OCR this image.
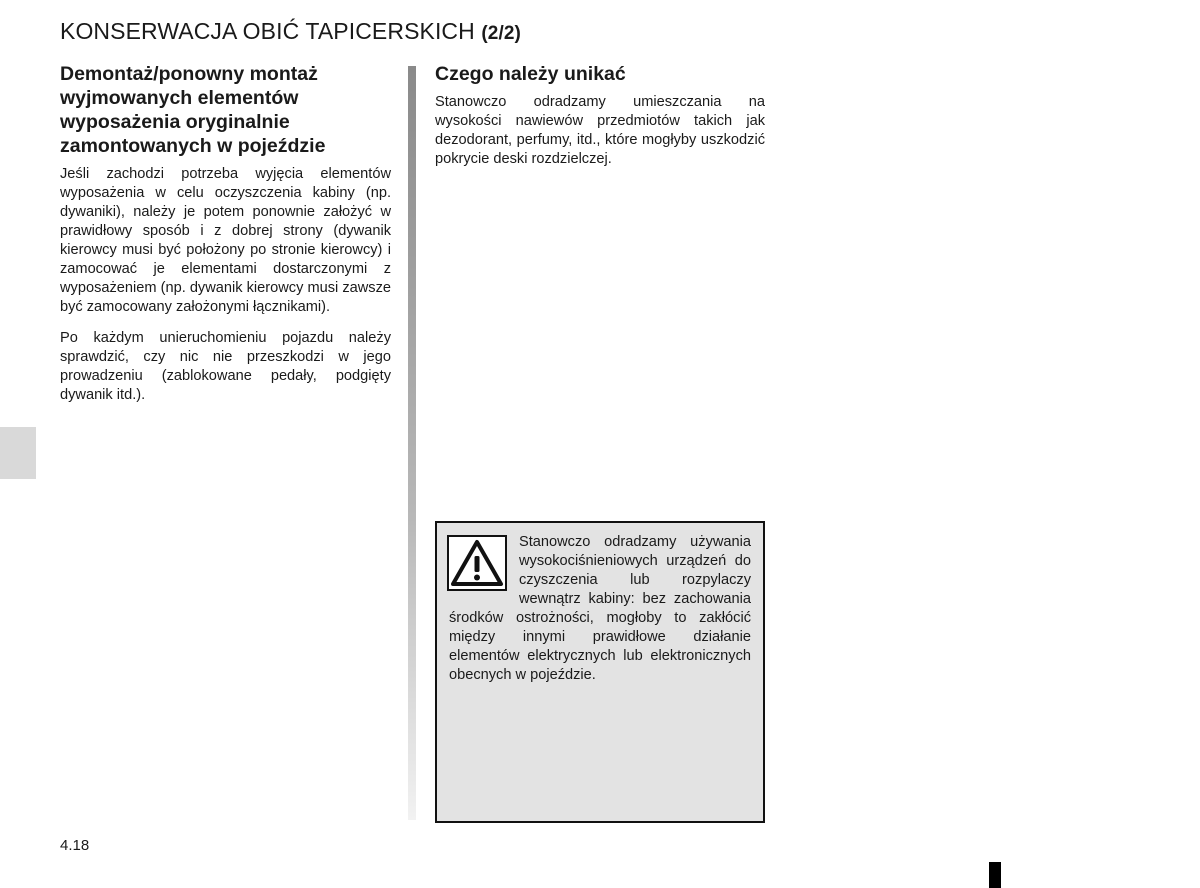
KONSERWACJA OBIĆ TAPICERSKICH (2/2)
Demontaż/ponowny montaż
wyjmowanych elementów
wyposażenia oryginalnie
zamontowanych w pojeździe

Jeśli zachodzi potrzeba wyjęcia elementów wyposażenia w celu oczyszczenia kabiny (np. dywaniki), należy je potem ponownie założyć w prawidłowy sposób i z dobrej strony (dywanik kierowcy musi być położony po stronie kierowcy) i zamocować je elementami dostarczonymi z wyposażeniem (np. dywanik kierowcy musi zawsze być zamocowany założonymi łącznikami).

Po każdym unieruchomieniu pojazdu należy sprawdzić, czy nic nie przeszkodzi w jego prowadzeniu (zablokowane pedały, podgięty dywanik itd.).

Czego należy unikać

Stanowczo odradzamy umieszczania na wysokości nawiewów przedmiotów takich jak dezodorant, perfumy, itd., które mogłyby uszkodzić pokrycie deski rozdzielczej.

Stanowczo odradzamy używania wysokociśnieniowych urządzeń do czyszczenia lub rozpylaczy wewnątrz kabiny: bez zachowania środków ostrożności, mogłoby to zakłócić między innymi prawidłowe działanie elementów elektrycznych lub elektronicznych obecnych w pojeździe.

4.18
